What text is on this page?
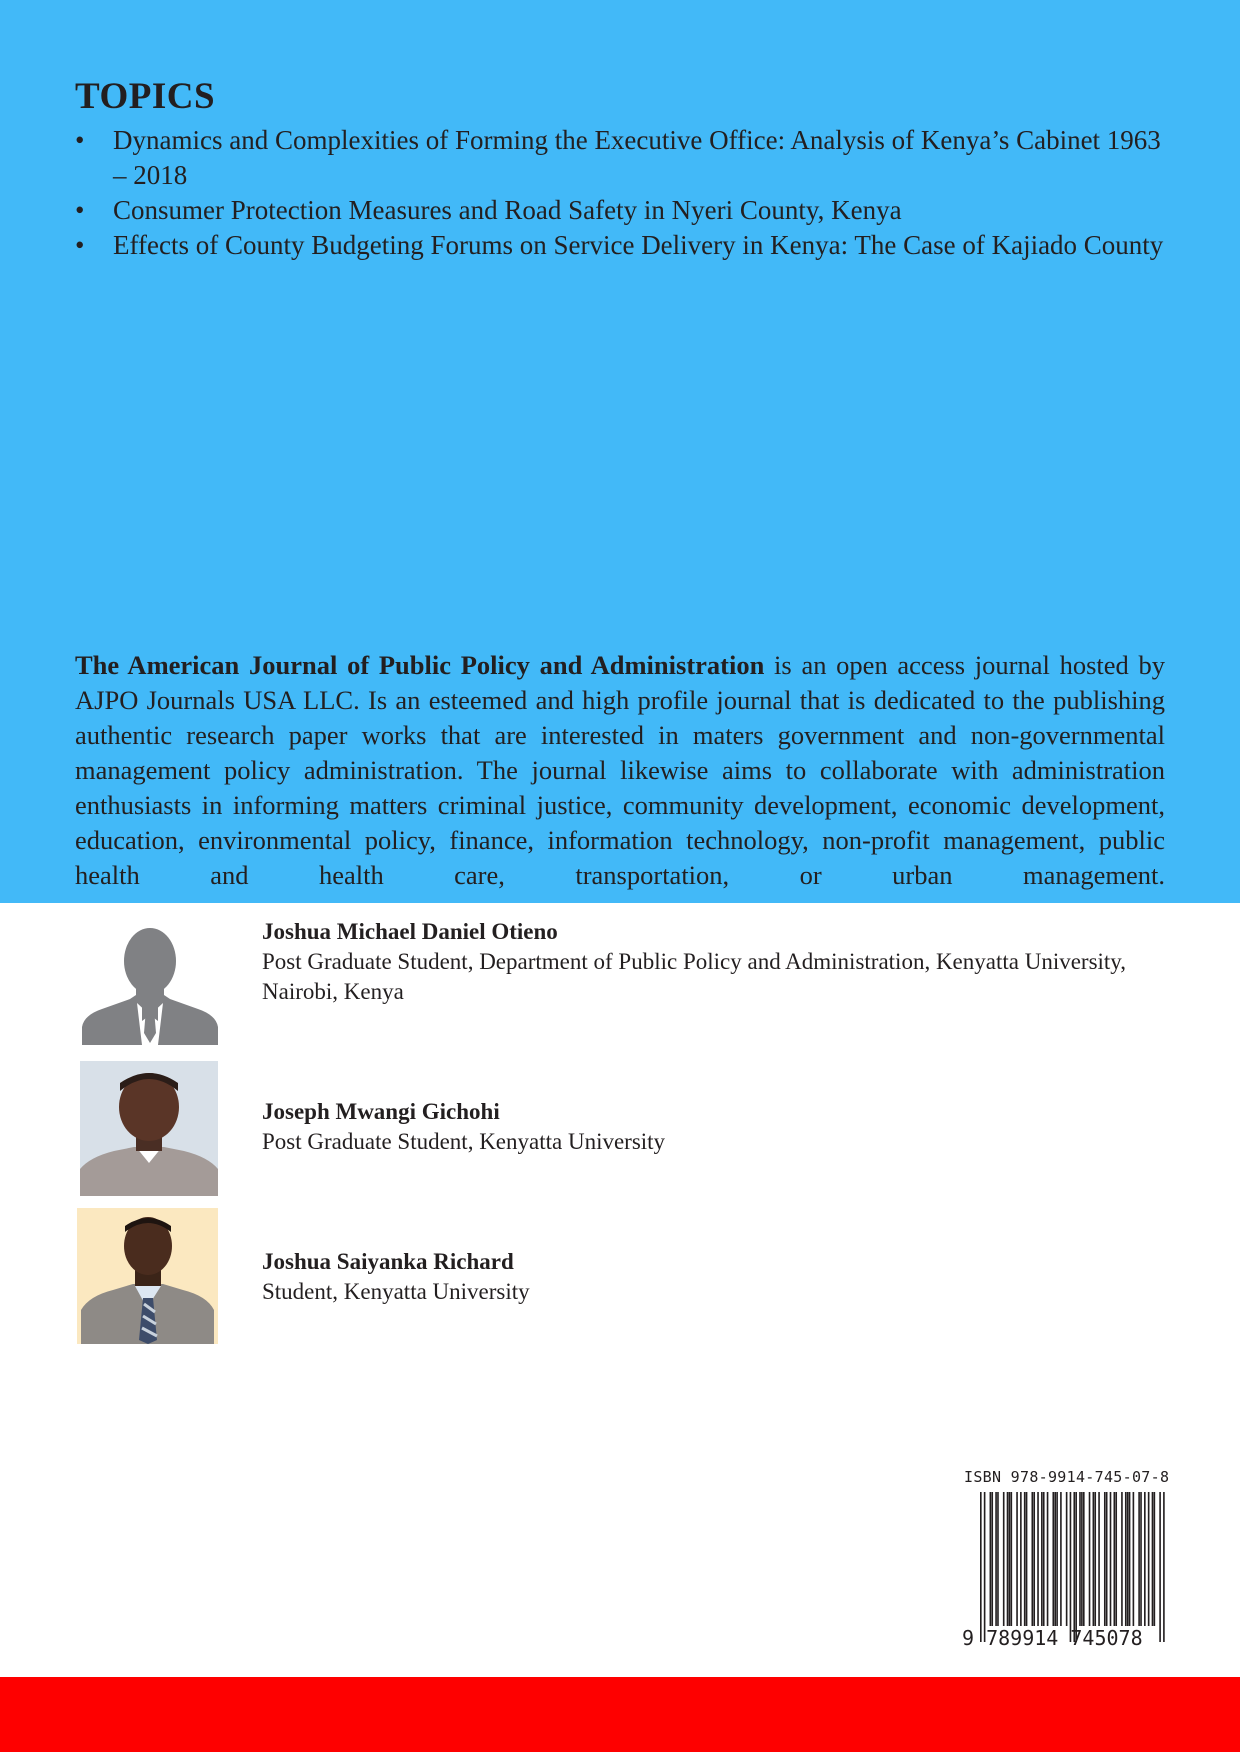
TOPICS
• Dynamics and Complexities of Forming the Executive Office: Analysis of Kenya’s Cabinet 1963 – 2018
• Consumer Protection Measures and Road Safety in Nyeri County, Kenya
• Effects of County Budgeting Forums on Service Delivery in Kenya: The Case of Kajiado County

The American Journal of Public Policy and Administration is an open access journal hosted by AJPO Journals USA LLC. Is an esteemed and high profile journal that is dedicated to the publishing authentic research paper works that are interested in maters government and non-governmental management policy administration. The journal likewise aims to collaborate with administration enthusiasts in informing matters criminal justice, community development, economic development, education, environmental policy, finance, information technology, non-profit management, public health and health care, transportation, or urban management.

Joshua Michael Daniel Otieno
Post Graduate Student, Department of Public Policy and Administration, Kenyatta University, Nairobi, Kenya
Joseph Mwangi Gichohi
Post Graduate Student, Kenyatta University
Joshua Saiyanka Richard
Student, Kenyatta University
ISBN 978-9914-745-07-8
9 789914 745078
